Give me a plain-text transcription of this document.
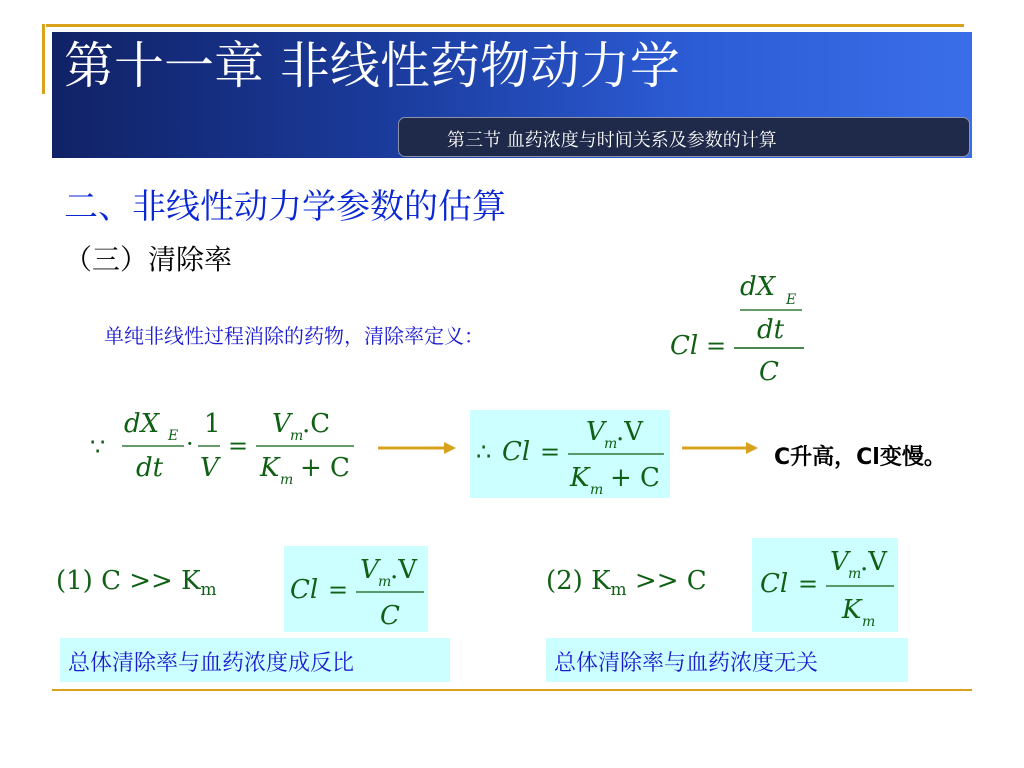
第十一章 非线性药物动力学
第三节 血药浓度与时间关系及参数的计算
二、非线性动力学参数的估算
（三）清除率
单纯非线性过程消除的药物，清除率定义：
dX E
dt
Cl =
C
∵
dX E
dt
·
1
V
=
V m
.C
K m + C
∴ Cl =
V m
.V
K m + C
C升高，Cl变慢。
(1) $C >> K_m$	Cl =
V m
.V
C
总体清除率与血药浓度成反比
(2) $K_m >> C$ Cl =
V m
.V
K m
总体清除率与血药浓度无关
